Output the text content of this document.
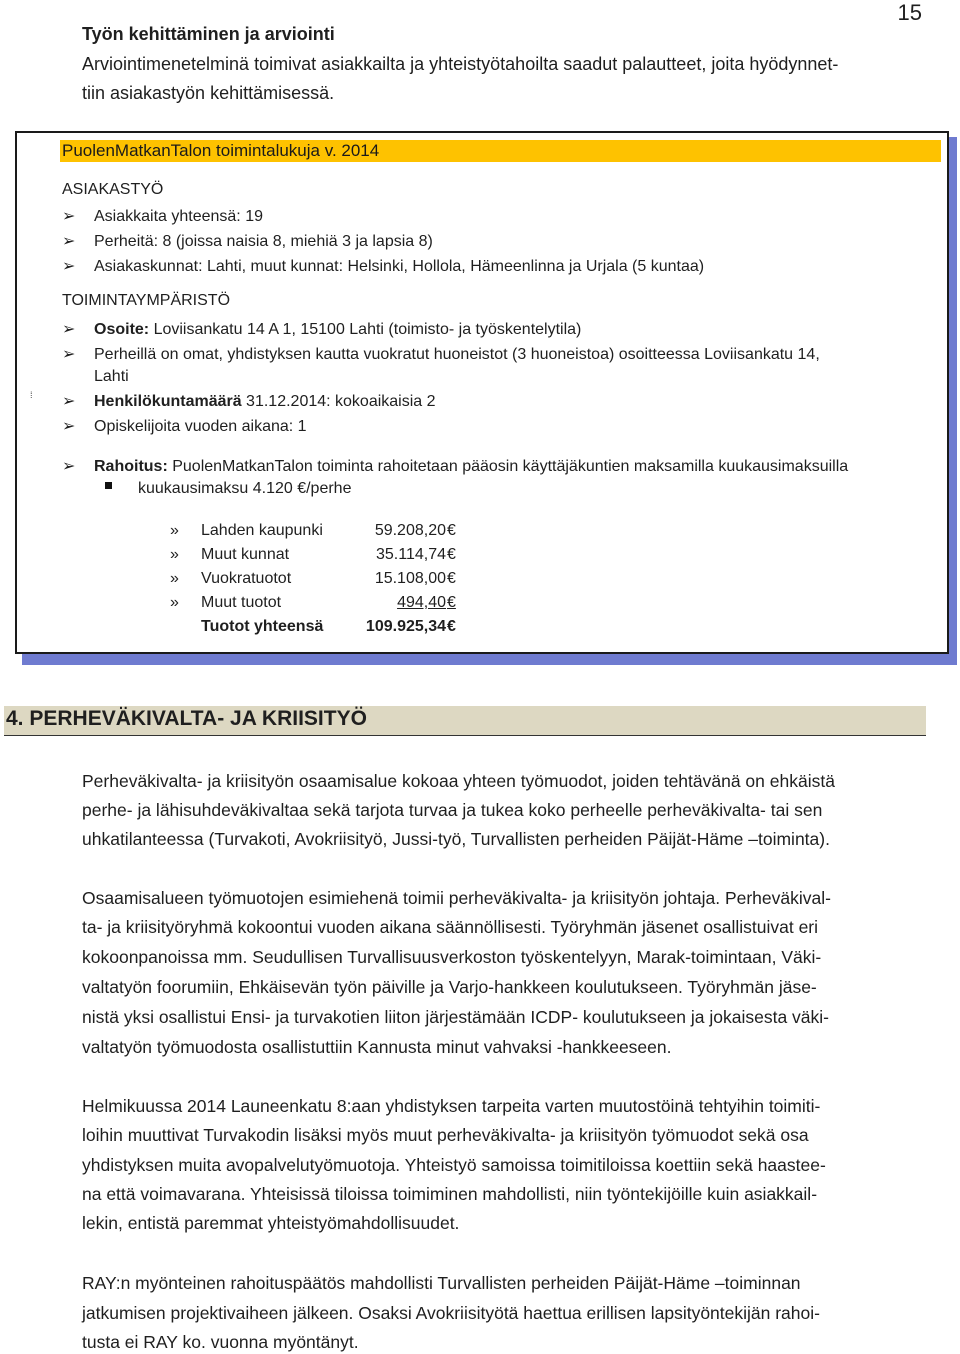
15
Työn kehittäminen ja arviointi
Arviointimenetelminä toimivat asiakkailta ja yhteistyötahoilta saadut palautteet, joita hyödynnet-
tiin asiakastyön kehittämisessä.
PuolenMatkanTalon toimintalukuja v. 2014
ASIAKASTYÖ
➢ Asiakkaita yhteensä: 19
➢ Perheitä: 8 (joissa naisia 8, miehiä 3 ja lapsia 8)
➢ Asiakaskunnat: Lahti, muut kunnat: Helsinki, Hollola, Hämeenlinna ja Urjala (5 kuntaa)
TOIMINTAYMPÄRISTÖ
➢ Osoite: Loviisankatu 14 A 1, 15100 Lahti (toimisto- ja työskentelytila)
➢ Perheillä on omat, yhdistyksen kautta vuokratut huoneistot (3 huoneistoa) osoitteessa Loviisankatu 14,
Lahti
⁞ ➢ Henkilökuntamäärä 31.12.2014: kokoaikaisia 2
➢ Opiskelijoita vuoden aikana: 1
➢ Rahoitus: PuolenMatkanTalon toiminta rahoitetaan pääosin käyttäjäkuntien maksamilla kuukausimaksuilla
kuukausimaksu 4.120 €/perhe
» Lahden kaupunki	59.208,20 €
» Muut kunnat	35.114,74 €
» Vuokratuotot	15.108,00 €
» Muut tuotot	494,40 €
Tuotot yhteensä	109.925,34 €
4. PERHEVÄKIVALTA- JA KRIISITYÖ
Perheväkivalta- ja kriisityön osaamisalue kokoaa yhteen työmuodot, joiden tehtävänä on ehkäistä
perhe- ja lähisuhdeväkivaltaa sekä tarjota turvaa ja tukea koko perheelle perheväkivalta- tai sen
uhkatilanteessa (Turvakoti, Avokriisityö, Jussi-työ, Turvallisten perheiden Päijät-Häme –toiminta).
Osaamisalueen työmuotojen esimiehenä toimii perheväkivalta- ja kriisityön johtaja. Perheväkival-
ta- ja kriisityöryhmä kokoontui vuoden aikana säännöllisesti. Työryhmän jäsenet osallistuivat eri
kokoonpanoissa mm. Seudullisen Turvallisuusverkoston työskentelyyn, Marak-toimintaan, Väki-
valtatyön foorumiin, Ehkäisevän työn päiville ja Varjo-hankkeen koulutukseen. Työryhmän jäse-
nistä yksi osallistui Ensi- ja turvakotien liiton järjestämään ICDP- koulutukseen ja jokaisesta väki-
valtatyön työmuodosta osallistuttiin Kannusta minut vahvaksi -hankkeeseen.
Helmikuussa 2014 Launeenkatu 8:aan yhdistyksen tarpeita varten muutostöinä tehtyihin toimiti-
loihin muuttivat Turvakodin lisäksi myös muut perheväkivalta- ja kriisityön työmuodot sekä osa
yhdistyksen muita avopalvelutyömuotoja. Yhteistyö samoissa toimitiloissa koettiin sekä haastee-
na että voimavarana. Yhteisissä tiloissa toimiminen mahdollisti, niin työntekijöille kuin asiakkail-
lekin, entistä paremmat yhteistyömahdollisuudet.
RAY:n myönteinen rahoituspäätös mahdollisti Turvallisten perheiden Päijät-Häme –toiminnan
jatkumisen projektivaiheen jälkeen. Osaksi Avokriisityötä haettua erillisen lapsityöntekijän rahoi-
tusta ei RAY ko. vuonna myöntänyt.
